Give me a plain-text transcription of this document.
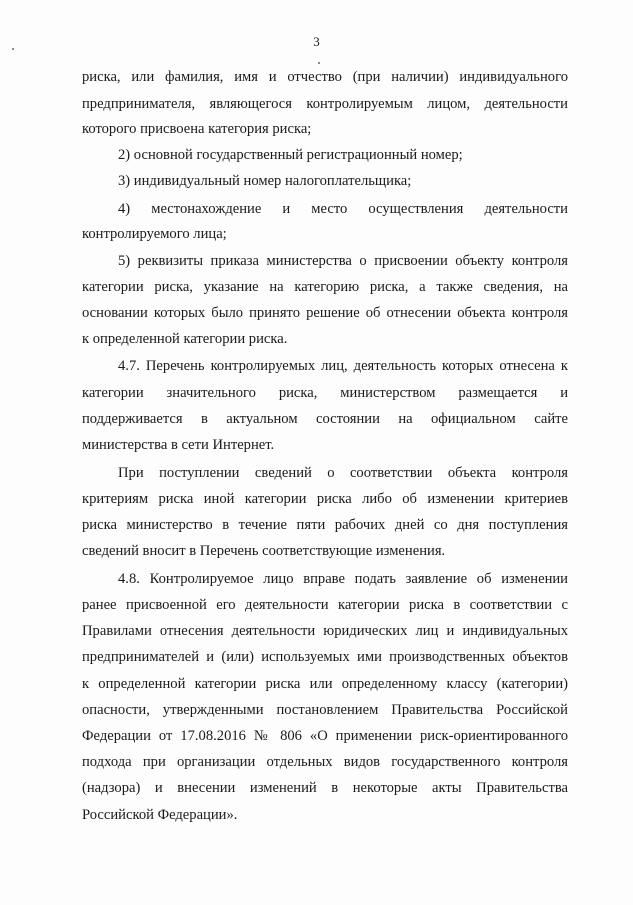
3
риска, или фамилия, имя и отчество (при наличии) индивидуального
предпринимателя, являющегося контролируемым лицом, деятельности
которого присвоена категория риска;
2) основной государственный регистрационный номер;
3) индивидуальный номер налогоплательщика;
4) местонахождение и место осуществления деятельности
контролируемого лица;
5) реквизиты приказа министерства о присвоении объекту контроля
категории риска, указание на категорию риска, а также сведения, на
основании которых было принято решение об отнесении объекта контроля
к определенной категории риска.
4.7. Перечень контролируемых лиц, деятельность которых отнесена к
категории значительного риска, министерством размещается и
поддерживается в актуальном состоянии на официальном сайте
министерства в сети Интернет.
При поступлении сведений о соответствии объекта контроля
критериям риска иной категории риска либо об изменении критериев
риска министерство в течение пяти рабочих дней со дня поступления
сведений вносит в Перечень соответствующие изменения.
4.8. Контролируемое лицо вправе подать заявление об изменении
ранее присвоенной его деятельности категории риска в соответствии с
Правилами отнесения деятельности юридических лиц и индивидуальных
предпринимателей и (или) используемых ими производственных объектов
к определенной категории риска или определенному классу (категории)
опасности, утвержденными постановлением Правительства Российской
Федерации от 17.08.2016 № 806 «О применении риск-ориентированного
подхода при организации отдельных видов государственного контроля
(надзора) и внесении изменений в некоторые акты Правительства
Российской Федерации».
